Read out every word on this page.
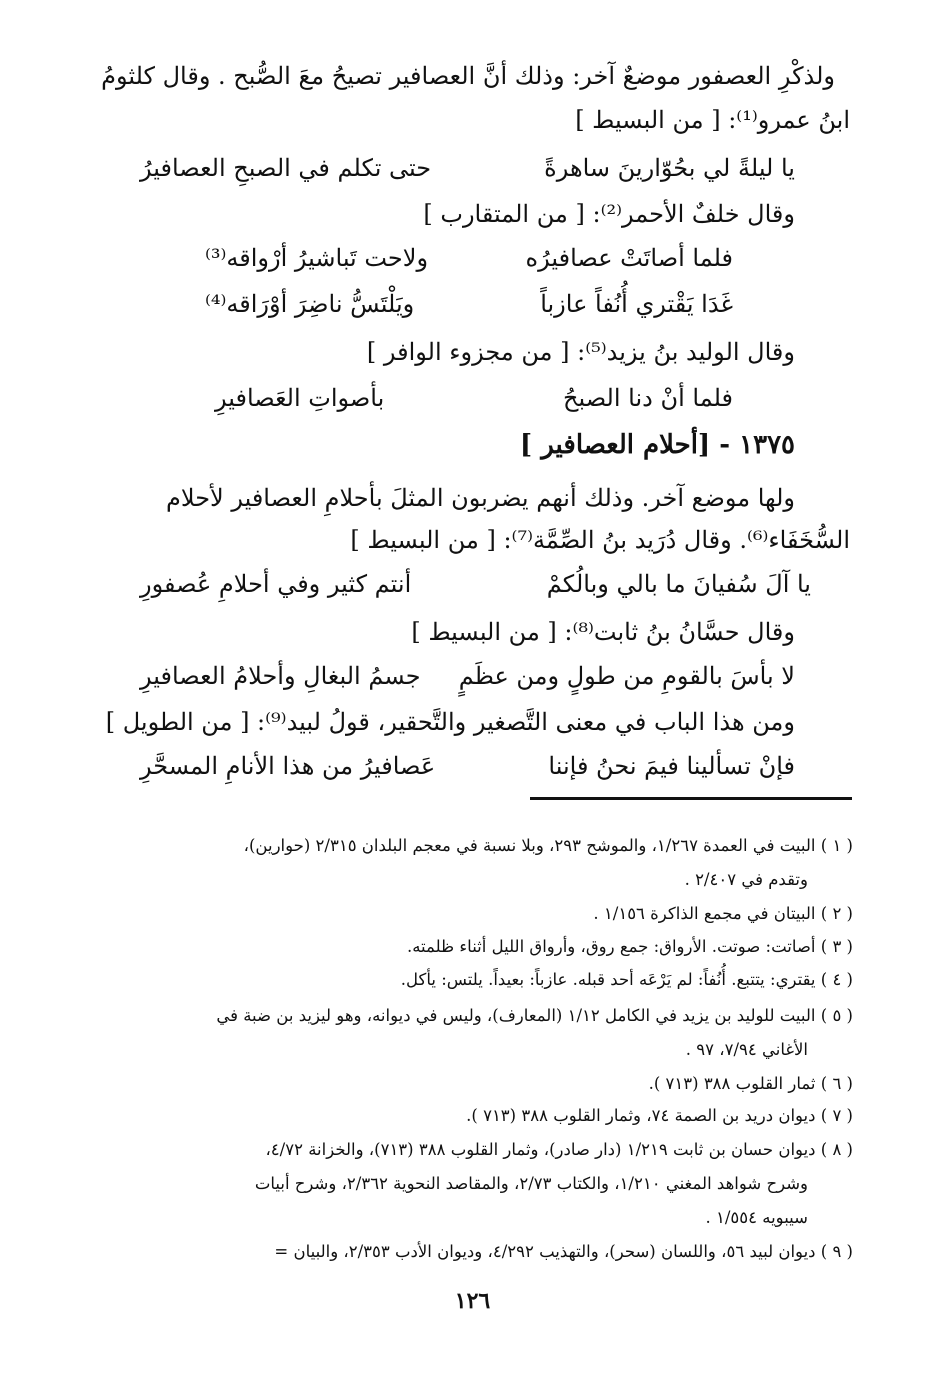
ولذكْرِ العصفور موضعٌ آخر: وذلك أنَّ العصافير تصيحُ معَ الصُّبح . وقال كلثومُ
ابنُ عمرو⁽¹⁾: [ من البسيط ]
يا ليلةً لي بحُوّارينَ ساهرةً
حتى تكلم في الصبحِ العصافيرُ
وقال خلفٌ الأحمر⁽²⁾: [ من المتقارب ]
فلما أصاتَتْ عصافيرُه
ولاحت تَباشيرُ أرْواقه⁽³⁾
غَدَا يَقْتري أُنُفاً عازباً
ويَلْتَسُّ ناضِرَ أوْرَاقه⁽⁴⁾
وقال الوليد بنُ يزيد⁽⁵⁾: [ من مجزوء الوافر ]
فلما أنْ دنا الصبحُ
بأصواتِ العَصافيرِ
١٣٧٥ - [أحلام العصافير ]
ولها موضع آخر. وذلك أنهم يضربون المثلَ بأحلامِ العصافير لأحلام
السُّخَفَاء⁽⁶⁾. وقال دُرَيد بنُ الصِّمَّة⁽⁷⁾: [ من البسيط ]
يا آلَ سُفيانَ ما بالي وبالُكمْ
أنتم كثير وفي أحلامِ عُصفورِ
وقال حسَّانُ بنُ ثابت⁽⁸⁾: [ من البسيط ]
لا بأسَ بالقومِ من طولٍ ومن عظَمٍ
جسمُ البغالِ وأحلامُ العصافيرِ
ومن هذا الباب في معنى التَّصغير والتَّحقير، قولُ لبيد⁽⁹⁾: [ من الطويل ]
فإنْ تسألينا فيمَ نحنُ فإننا
عَصافيرُ من هذا الأنامِ المسحَّرِ
( ١ ) البيت في العمدة ١/٢٦٧، والموشح ٢٩٣، وبلا نسبة في معجم البلدان ٢/٣١٥ (حوارين)،
وتقدم في ٢/٤٠٧ .
( ٢ ) البيتان في مجمع الذاكرة ١/١٥٦ .
( ٣ ) أصاتت: صوتت. الأرواق: جمع روق، وأرواق الليل أثناء ظلمته.
( ٤ ) يقتري: يتتبع. أُنُفاً: لم يَرْعَه أحد قبله. عازباً: بعيداً. يلتس: يأكل.
( ٥ ) البيت للوليد بن يزيد في الكامل ١/١٢ (المعارف)، وليس في ديوانه، وهو ليزيد بن ضبة في
الأغاني ٧/٩٤، ٩٧ .
( ٦ ) ثمار القلوب ٣٨٨ (٧١٣ ).
( ٧ ) ديوان دريد بن الصمة ٧٤، وثمار القلوب ٣٨٨ (٧١٣ ).
( ٨ ) ديوان حسان بن ثابت ١/٢١٩ (دار صادر)، وثمار القلوب ٣٨٨ (٧١٣)، والخزانة ٤/٧٢،
وشرح شواهد المغني ١/٢١٠، والكتاب ٢/٧٣، والمقاصد النحوية ٢/٣٦٢، وشرح أبيات
سيبويه ١/٥٥٤ .
( ٩ ) ديوان لبيد ٥٦، واللسان (سحر)، والتهذيب ٤/٢٩٢، وديوان الأدب ٢/٣٥٣، والبيان =
١٢٦
